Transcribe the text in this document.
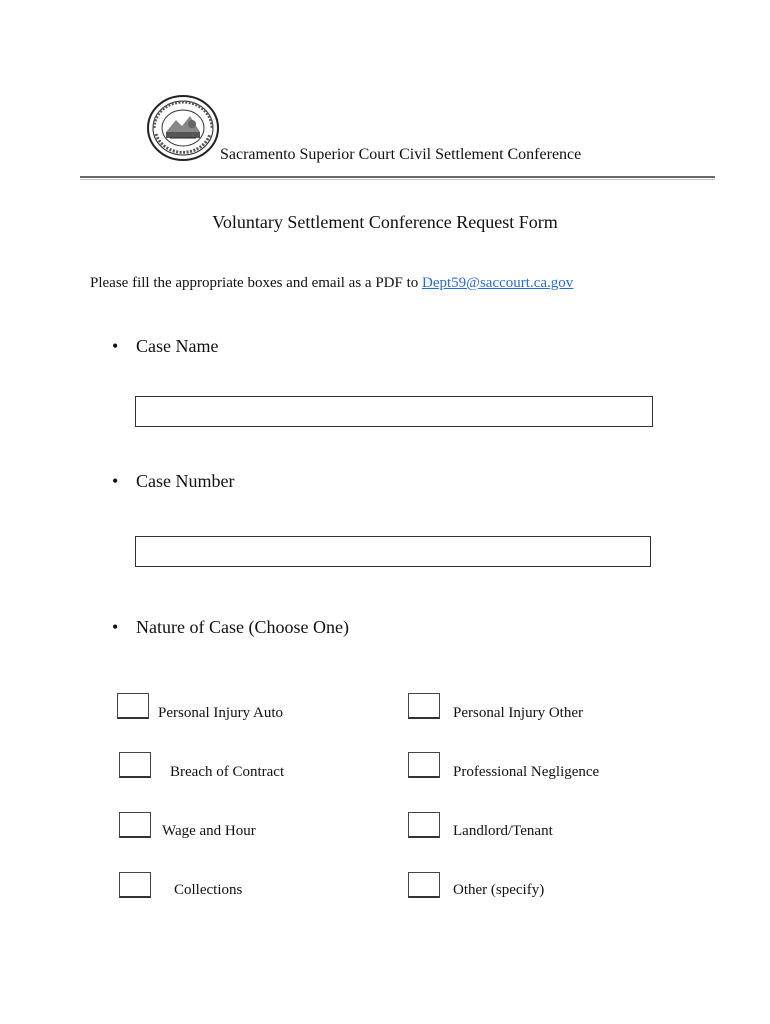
Sacramento Superior Court Civil Settlement Conference
Voluntary Settlement Conference Request Form
Please fill the appropriate boxes and email as a PDF to Dept59@saccourt.ca.gov
• Case Name
• Case Number
• Nature of Case (Choose One)
Personal Injury Auto
Breach of Contract
Wage and Hour
Collections
Personal Injury Other
Professional Negligence
Landlord/Tenant
Other (specify)
